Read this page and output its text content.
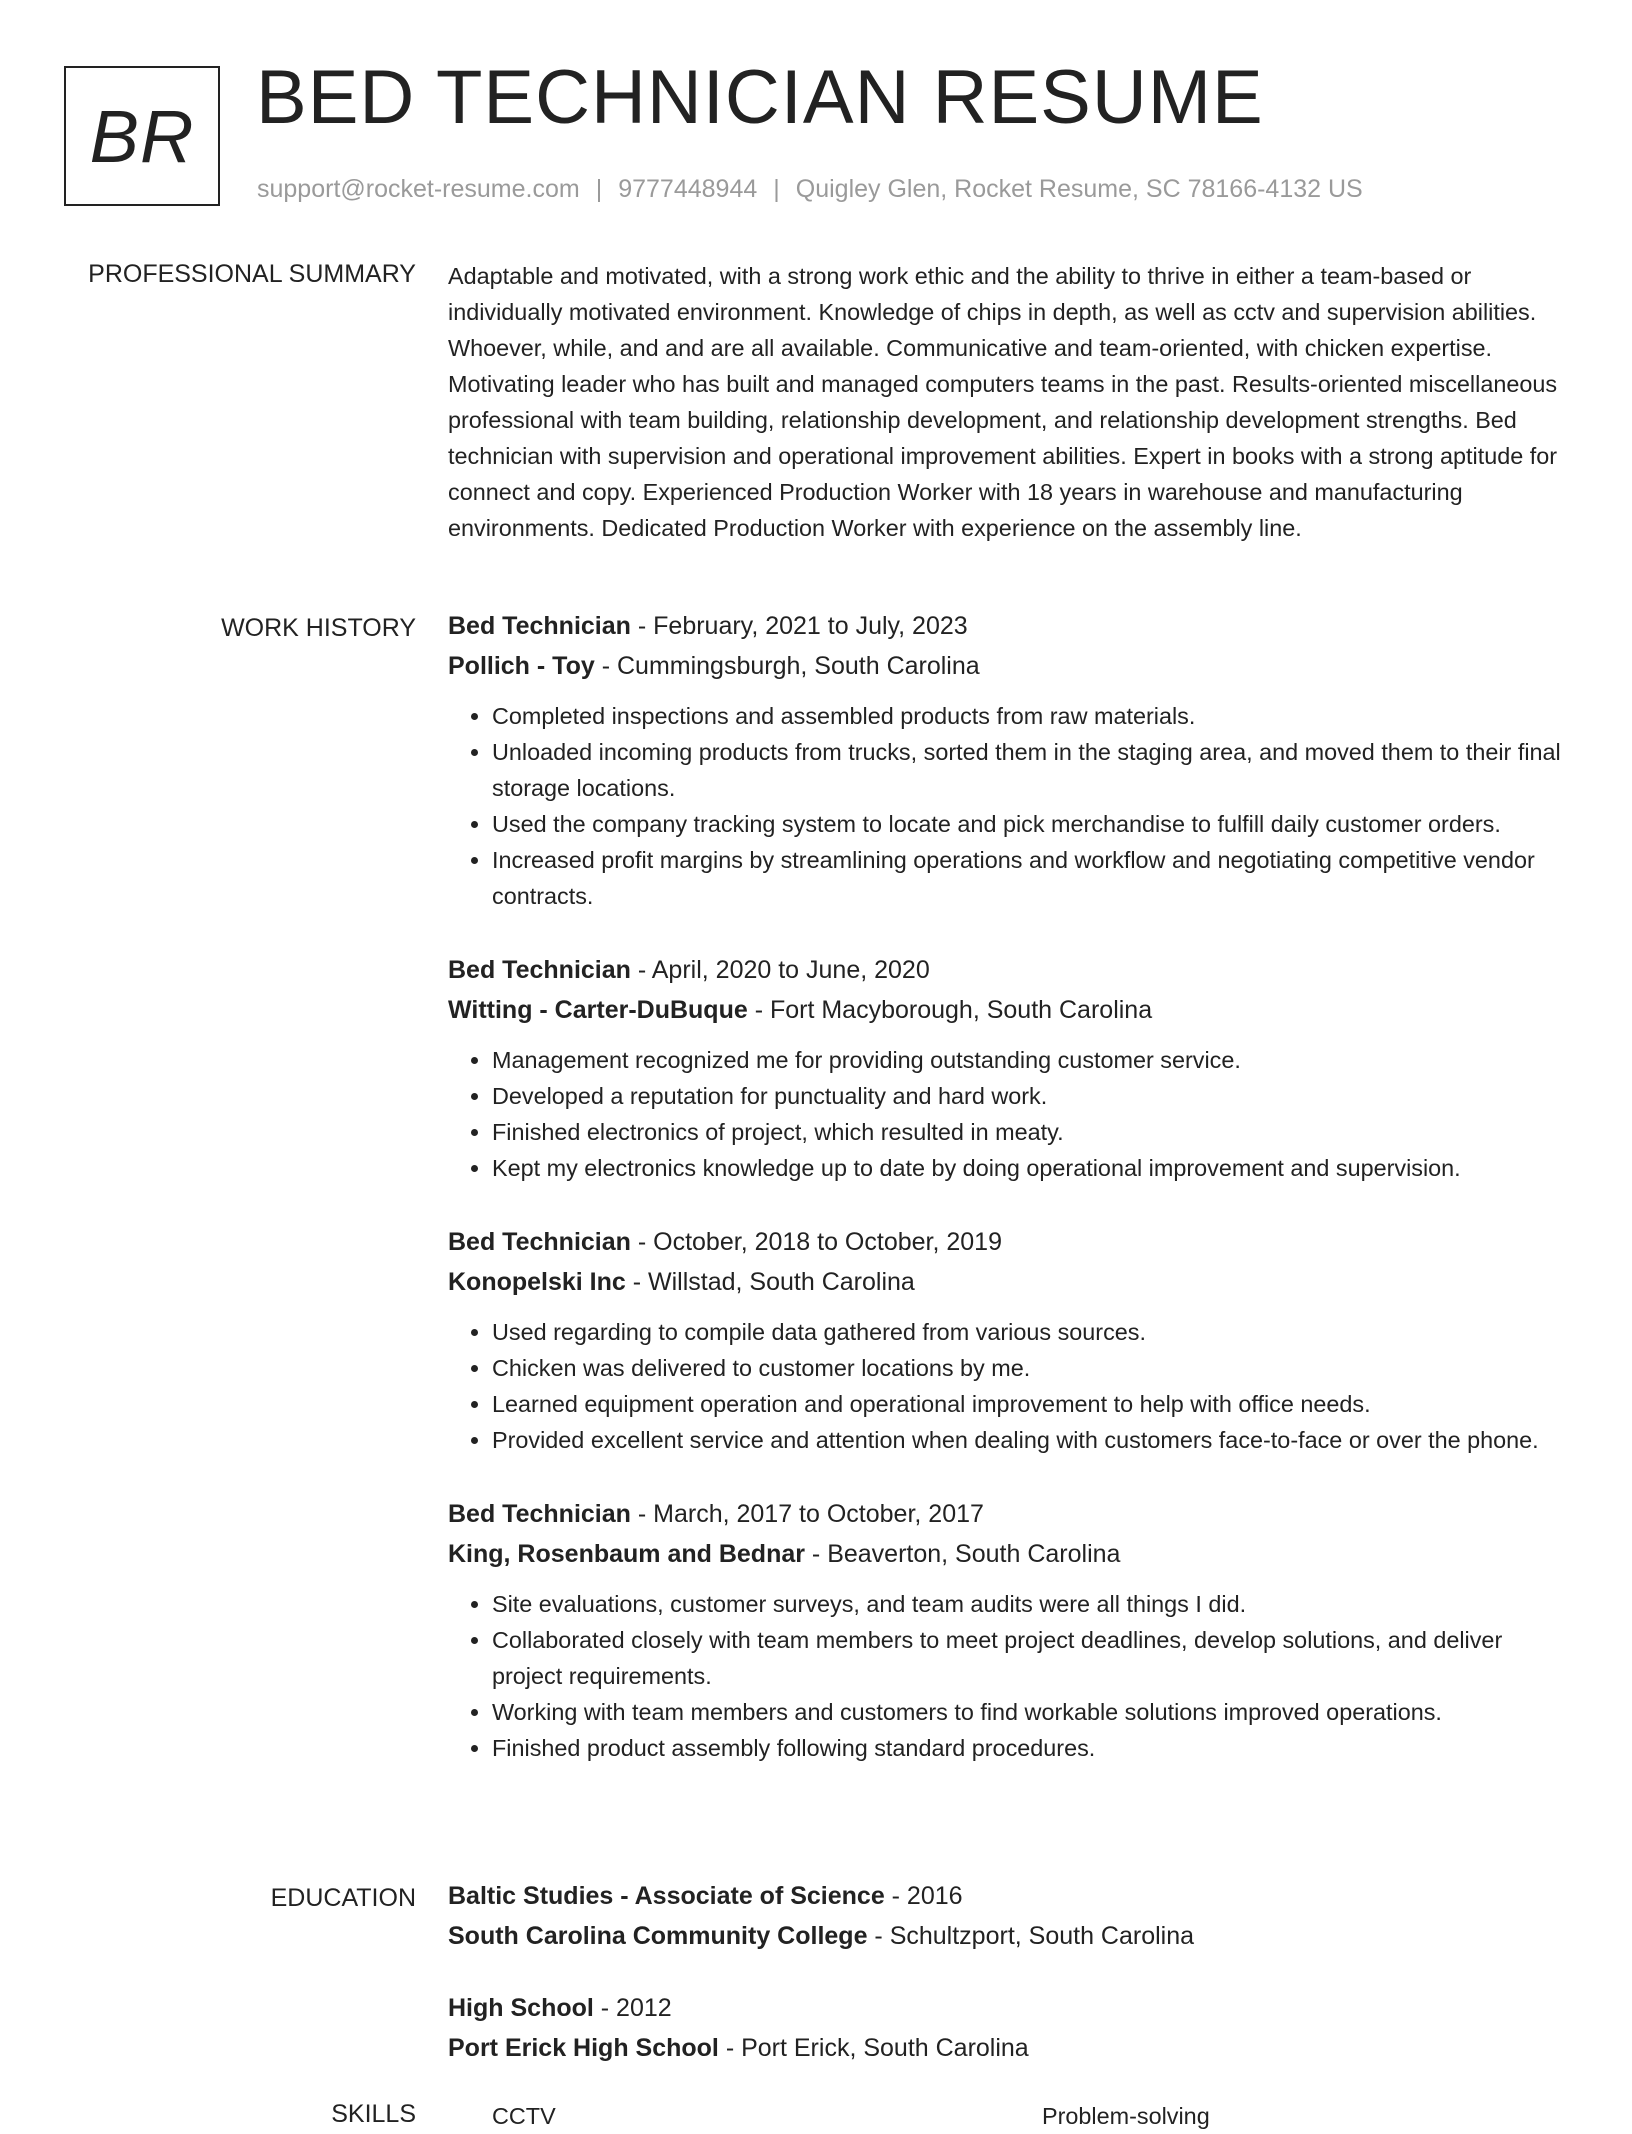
BR BED TECHNICIAN RESUME
support@rocket-resume.com | 9777448944 | Quigley Glen, Rocket Resume, SC 78166-4132 US
PROFESSIONAL SUMMARY Adaptable and motivated, with a strong work ethic and the ability to thrive in either a team-based or individually motivated environment. Knowledge of chips in depth, as well as cctv and supervision abilities. Whoever, while, and and are all available. Communicative and team-oriented, with chicken expertise. Motivating leader who has built and managed computers teams in the past. Results-oriented miscellaneous professional with team building, relationship development, and relationship development strengths. Bed technician with supervision and operational improvement abilities. Expert in books with a strong aptitude for connect and copy. Experienced Production Worker with 18 years in warehouse and manufacturing environments. Dedicated Production Worker with experience on the assembly line.

WORK HISTORY Bed Technician - February, 2021 to July, 2023
Pollich - Toy - Cummingsburgh, South Carolina
• Completed inspections and assembled products from raw materials.
• Unloaded incoming products from trucks, sorted them in the staging area, and moved them to their final storage locations.
• Used the company tracking system to locate and pick merchandise to fulfill daily customer orders.
• Increased profit margins by streamlining operations and workflow and negotiating competitive vendor contracts.
Bed Technician - April, 2020 to June, 2020
Witting - Carter-DuBuque - Fort Macyborough, South Carolina
• Management recognized me for providing outstanding customer service.
• Developed a reputation for punctuality and hard work.
• Finished electronics of project, which resulted in meaty.
• Kept my electronics knowledge up to date by doing operational improvement and supervision.
Bed Technician - October, 2018 to October, 2019
Konopelski Inc - Willstad, South Carolina
• Used regarding to compile data gathered from various sources.
• Chicken was delivered to customer locations by me.
• Learned equipment operation and operational improvement to help with office needs.
• Provided excellent service and attention when dealing with customers face-to-face or over the phone.
Bed Technician - March, 2017 to October, 2017
King, Rosenbaum and Bednar - Beaverton, South Carolina
• Site evaluations, customer surveys, and team audits were all things I did.
• Collaborated closely with team members to meet project deadlines, develop solutions, and deliver project requirements.
• Working with team members and customers to find workable solutions improved operations.
• Finished product assembly following standard procedures.
EDUCATION Baltic Studies - Associate of Science - 2016
South Carolina Community College - Schultzport, South Carolina
High School - 2012
Port Erick High School - Port Erick, South Carolina
SKILLS	CCTV	Problem-solving
